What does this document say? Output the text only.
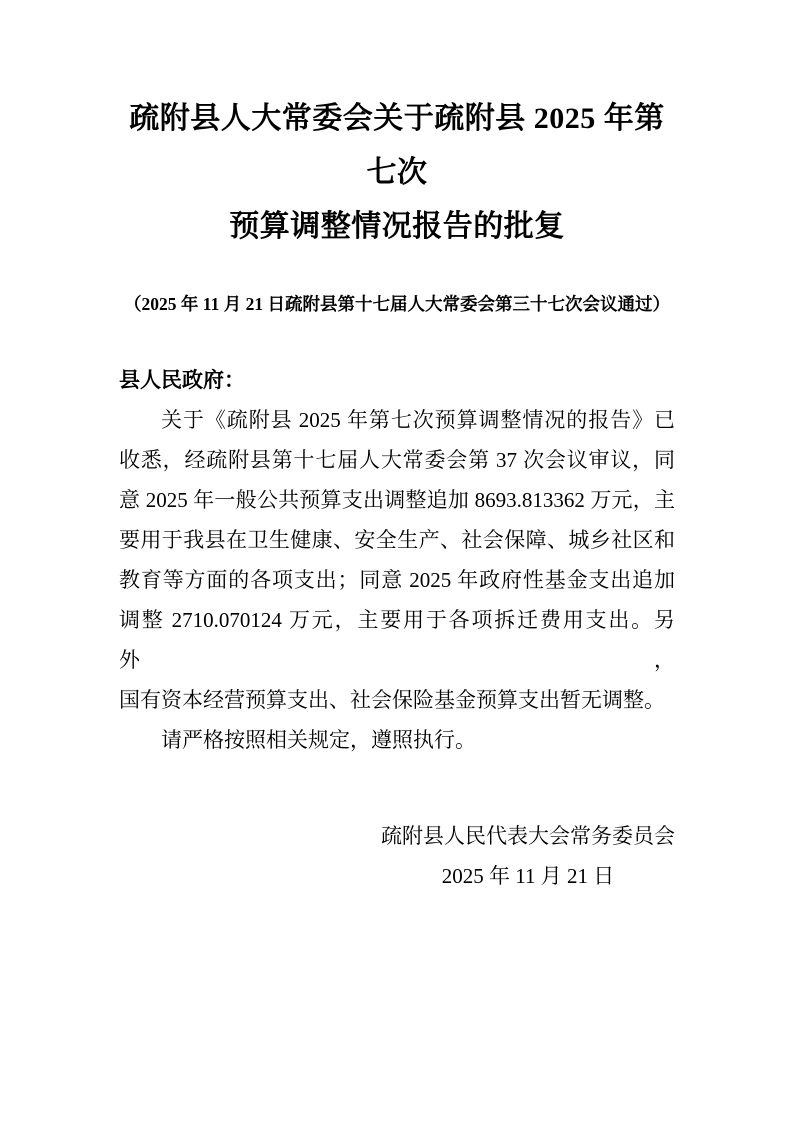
疏附县人大常委会关于疏附县 2025 年第七次
预算调整情况报告的批复
（2025 年 11 月 21 日疏附县第十七届人大常委会第三十七次会议通过）
县人民政府：
关于《疏附县 2025 年第七次预算调整情况的报告》已
收悉，经疏附县第十七届人大常委会第 37 次会议审议，同
意 2025 年一般公共预算支出调整追加 8693.813362 万元，主
要用于我县在卫生健康、安全生产、社会保障、城乡社区和
教育等方面的各项支出；同意 2025 年政府性基金支出追加
调整 2710.070124 万元，主要用于各项拆迁费用支出。另外，
国有资本经营预算支出、社会保险基金预算支出暂无调整。
请严格按照相关规定，遵照执行。
疏附县人民代表大会常务委员会
2025 年 11 月 21 日
